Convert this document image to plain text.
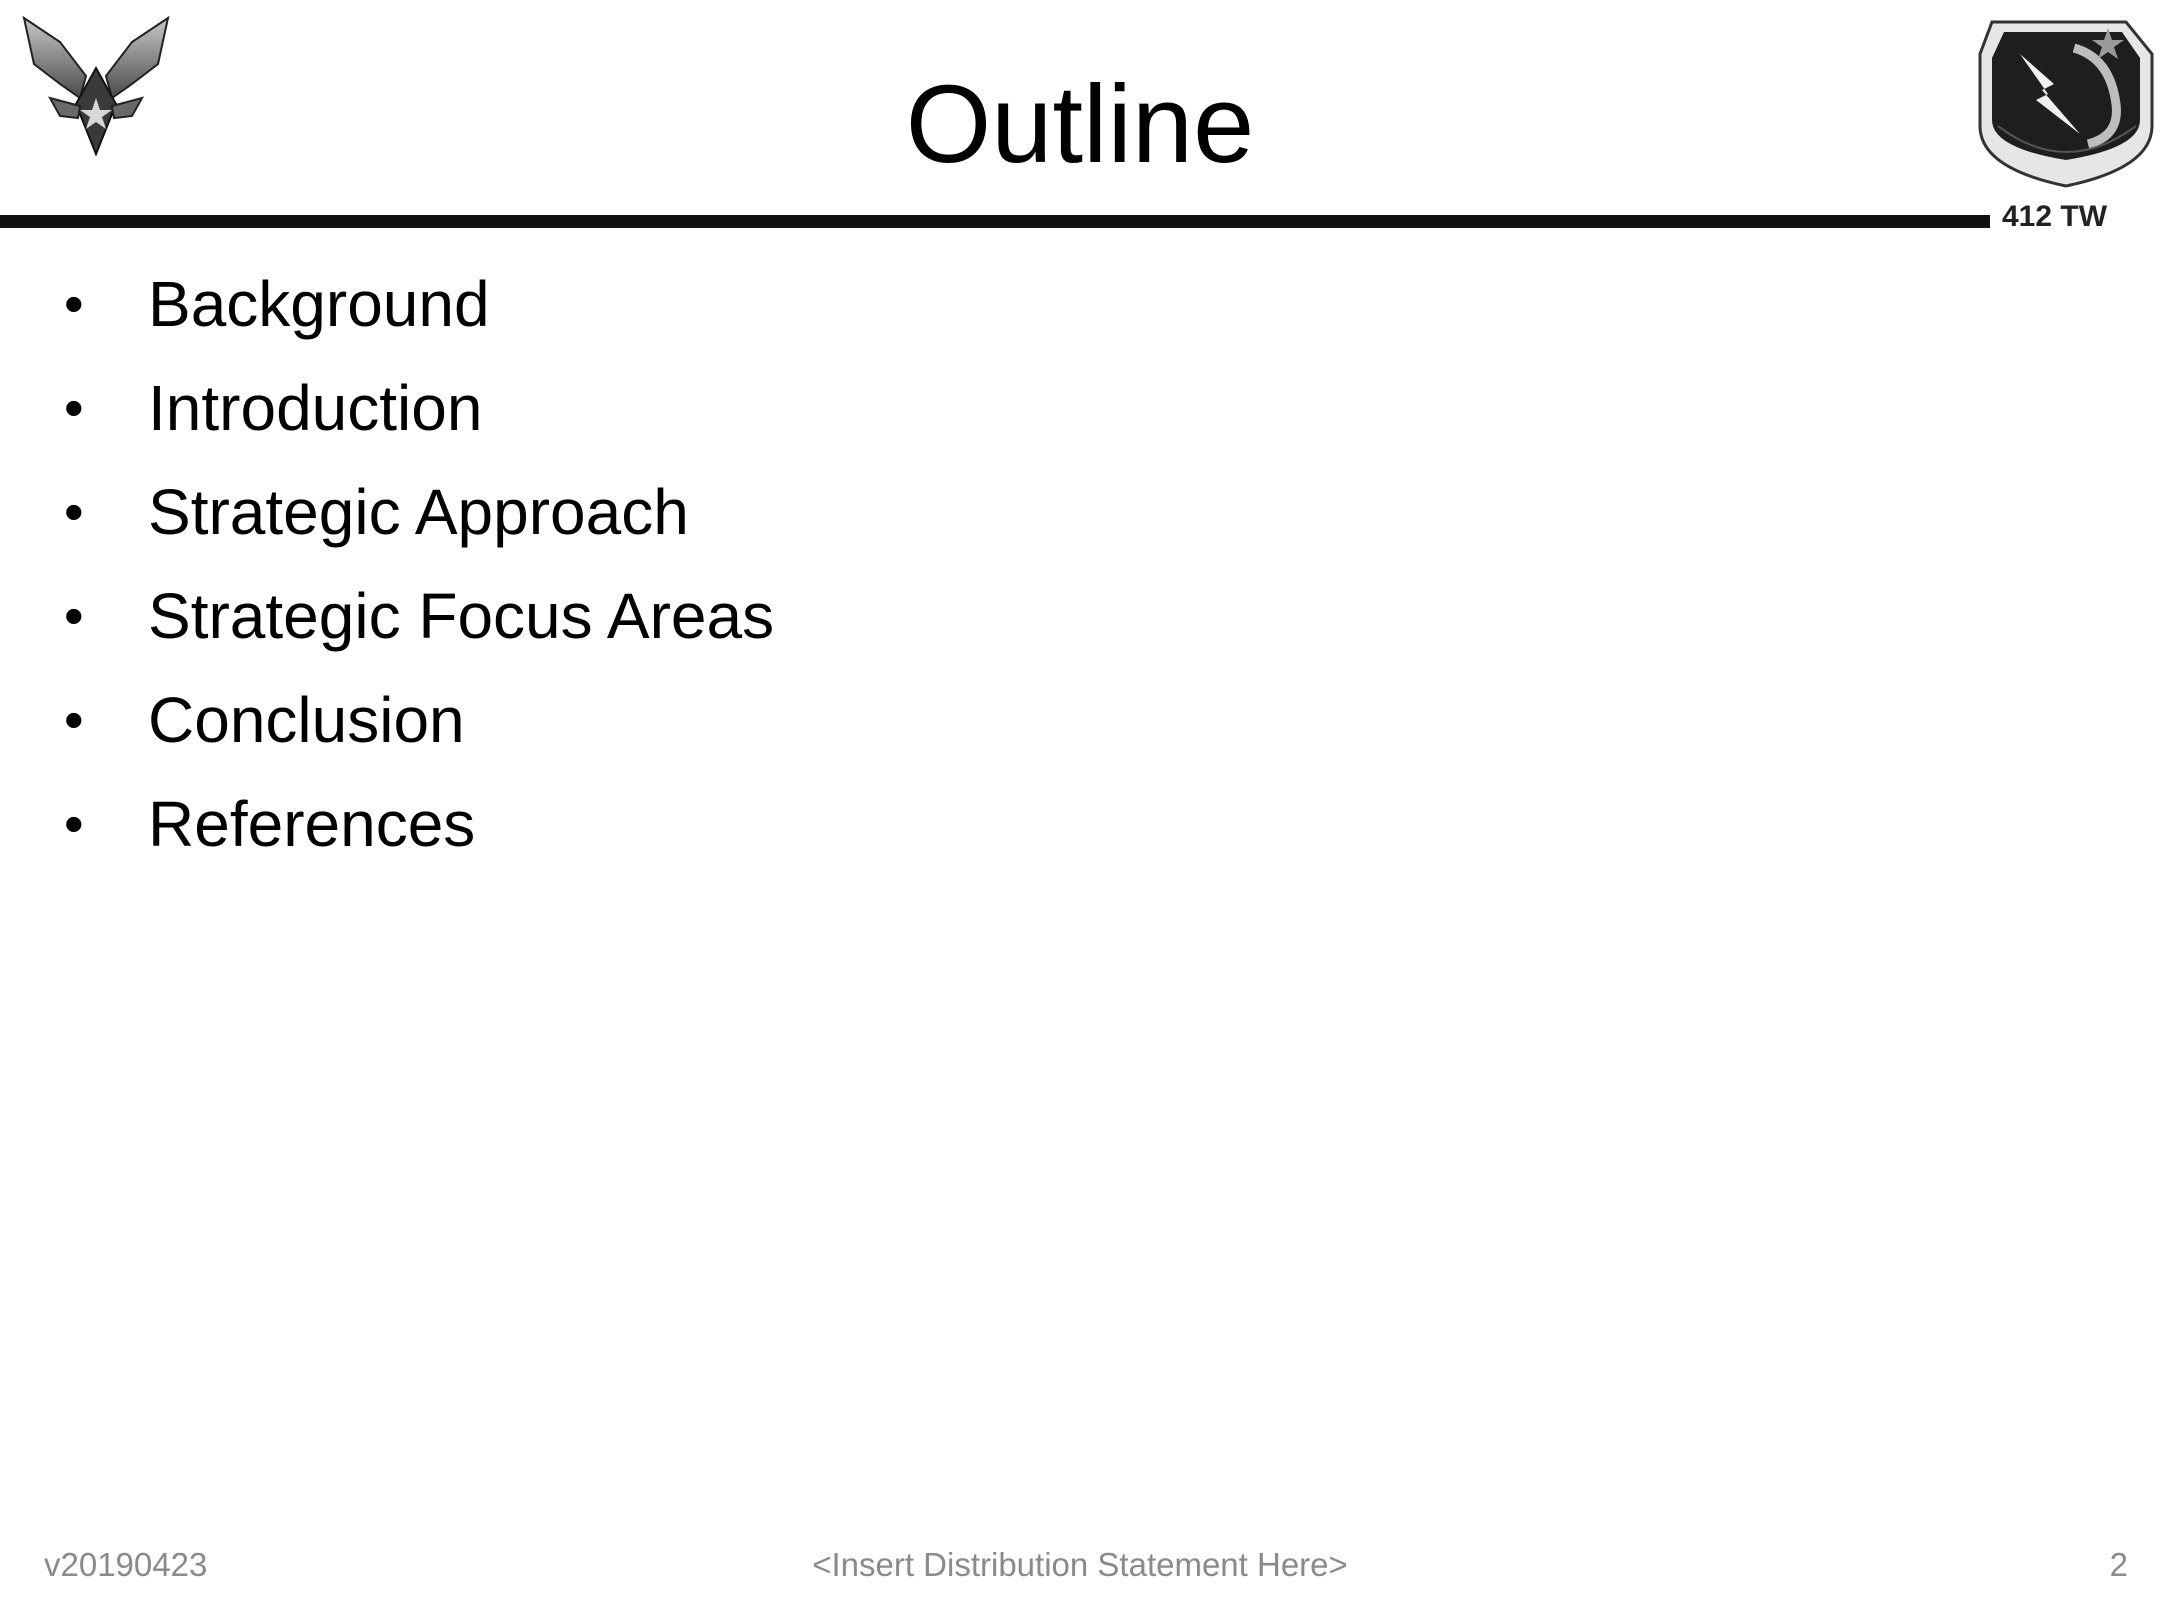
Outline
412 TW
• Background
• Introduction
• Strategic Approach
• Strategic Focus Areas
• Conclusion
• References
v20190423	<Insert Distribution Statement Here>	2
